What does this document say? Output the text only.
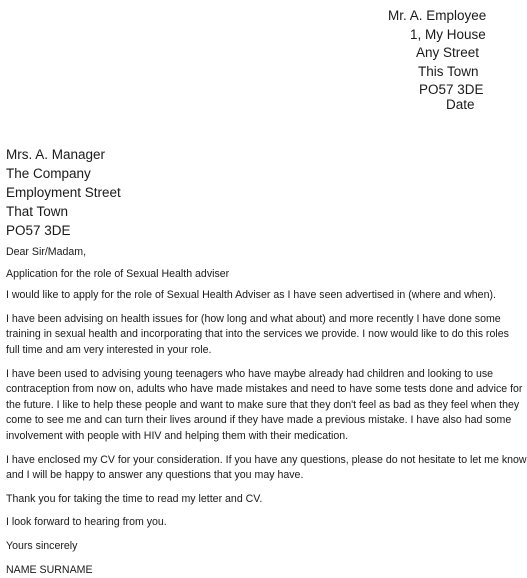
Mr. A. Employee
1, My House
Any Street
This Town
PO57 3DE
Date
Mrs. A. Manager
The Company
Employment Street
That Town
PO57 3DE
Dear Sir/Madam,
Application for the role of Sexual Health adviser
I would like to apply for the role of Sexual Health Adviser as I have seen advertised in (where and when).
I have been advising on health issues for (how long and what about) and more recently I have done some
training in sexual health and incorporating that into the services we provide. I now would like to do this roles
full time and am very interested in your role.
I have been used to advising young teenagers who have maybe already had children and looking to use
contraception from now on, adults who have made mistakes and need to have some tests done and advice for
the future. I like to help these people and want to make sure that they don't feel as bad as they feel when they
come to see me and can turn their lives around if they have made a previous mistake. I have also had some
involvement with people with HIV and helping them with their medication.
I have enclosed my CV for your consideration. If you have any questions, please do not hesitate to let me know
and I will be happy to answer any questions that you may have.
Thank you for taking the time to read my letter and CV.
I look forward to hearing from you.
Yours sincerely
NAME SURNAME
